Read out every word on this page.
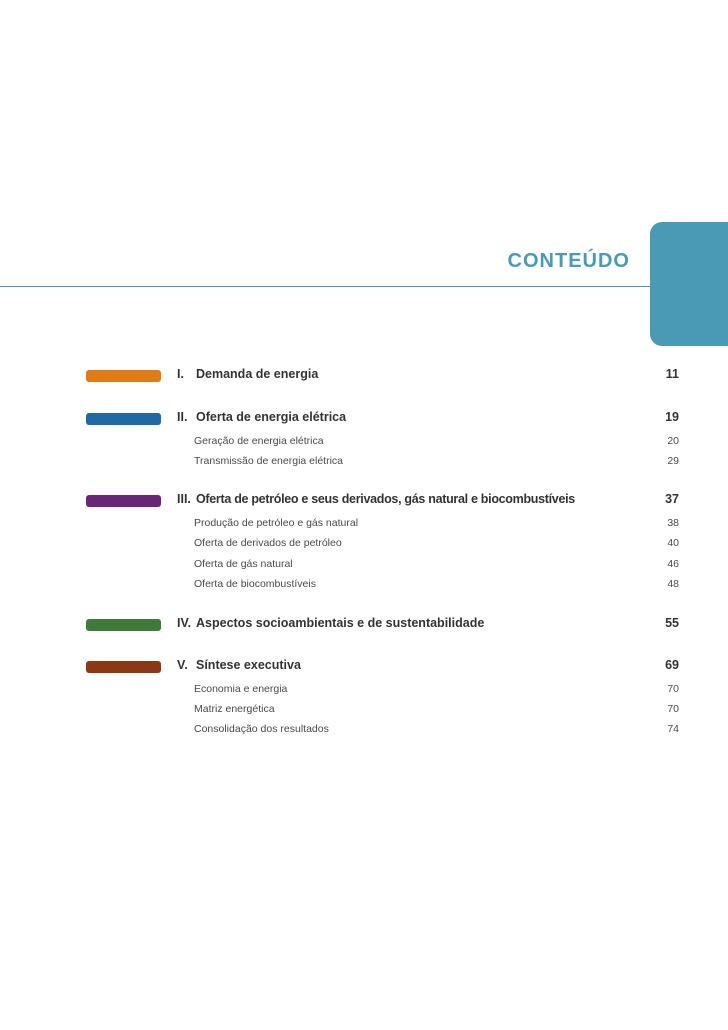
CONTEÚDO
I. Demanda de energia	11
II. Oferta de energia elétrica	19
Geração de energia elétrica	20
Transmissão de energia elétrica	29
III. Oferta de petróleo e seus derivados, gás natural e biocombustíveis	37
Produção de petróleo e gás natural	38
Oferta de derivados de petróleo	40
Oferta de gás natural	46
Oferta de biocombustíveis	48
IV. Aspectos socioambientais e de sustentabilidade	55
V. Síntese executiva	69
Economia e energia	70
Matriz energética	70
Consolidação dos resultados	74
